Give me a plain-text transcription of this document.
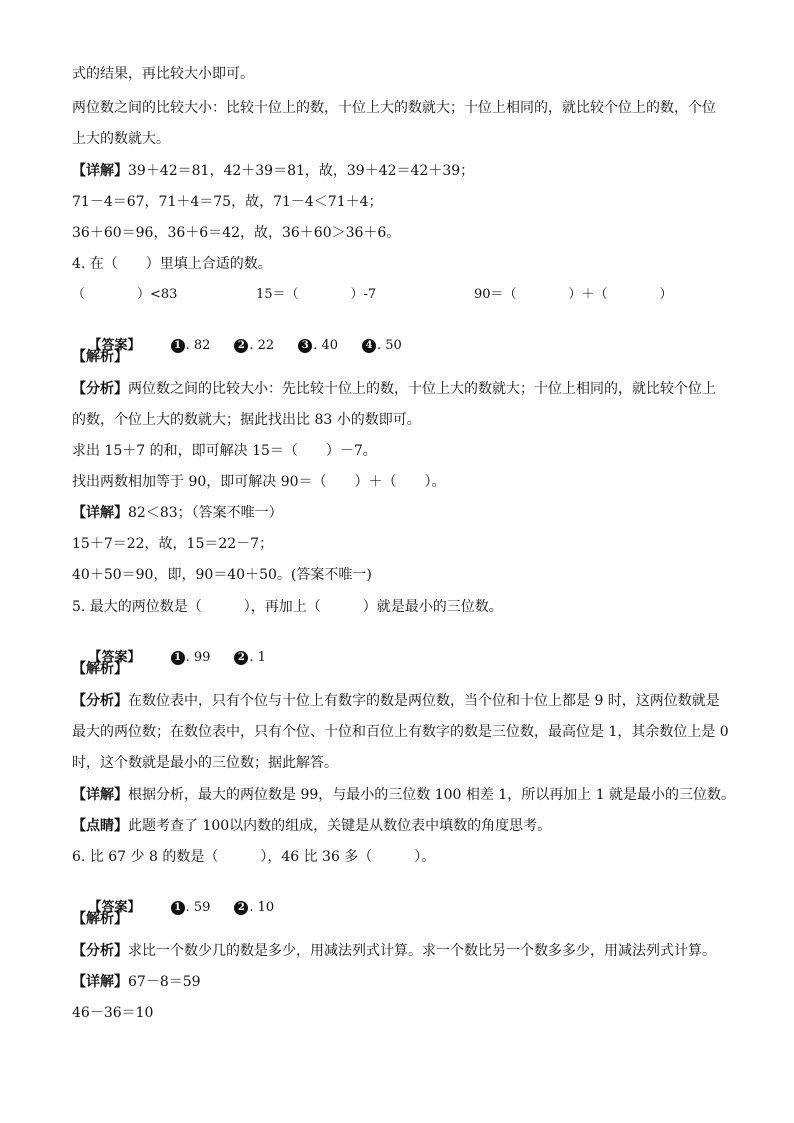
式的结果，再比较大小即可。
两位数之间的比较大小：比较十位上的数，十位上大的数就大；十位上相同的，就比较个位上的数，个位
上大的数就大。
【详解】39＋42＝81，42＋39＝81，故，39＋42＝42＋39；
71－4＝67，71＋4＝75，故，71－4＜71＋4；
36＋60＝96，36＋6＝42，故，36＋60＞36＋6。
4. 在（　　）里填上合适的数。
（　　　　）<83	15＝（　　　　）-7	90＝（　　　　）＋（　　　　）

【答案】	1 . 82	2 . 22	3 . 40	4 . 50

【解析】
【分析】两位数之间的比较大小：先比较十位上的数，十位上大的数就大；十位上相同的，就比较个位上
的数，个位上大的数就大；据此找出比 83 小的数即可。
求出 15＋7 的和，即可解决 15＝（　　）－7。
找出两数相加等于 90，即可解决 90＝（　　）＋（　　）。
【详解】82＜83；（答案不唯一）
15＋7＝22，故，15＝22－7；
40＋50＝90，即，90＝40＋50。(答案不唯一)
5. 最大的两位数是（　　　），再加上（　　　）就是最小的三位数。

【答案】	1 . 99	2 . 1

【解析】
【分析】在数位表中，只有个位与十位上有数字的数是两位数，当个位和十位上都是 9 时，这两位数就是
最大的两位数；在数位表中，只有个位、十位和百位上有数字的数是三位数，最高位是 1，其余数位上是 0
时，这个数就是最小的三位数；据此解答。
【详解】根据分析，最大的两位数是 99，与最小的三位数 100 相差 1，所以再加上 1 就是最小的三位数。
【点睛】此题考查了 100以内数的组成，关键是从数位表中填数的角度思考。
6. 比 67 少 8 的数是（　　　），46 比 36 多（　　　）。

【答案】	1 . 59	2 . 10

【解析】
【分析】求比一个数少几的数是多少，用减法列式计算。求一个数比另一个数多多少，用减法列式计算。
【详解】67－8＝59
46－36＝10
